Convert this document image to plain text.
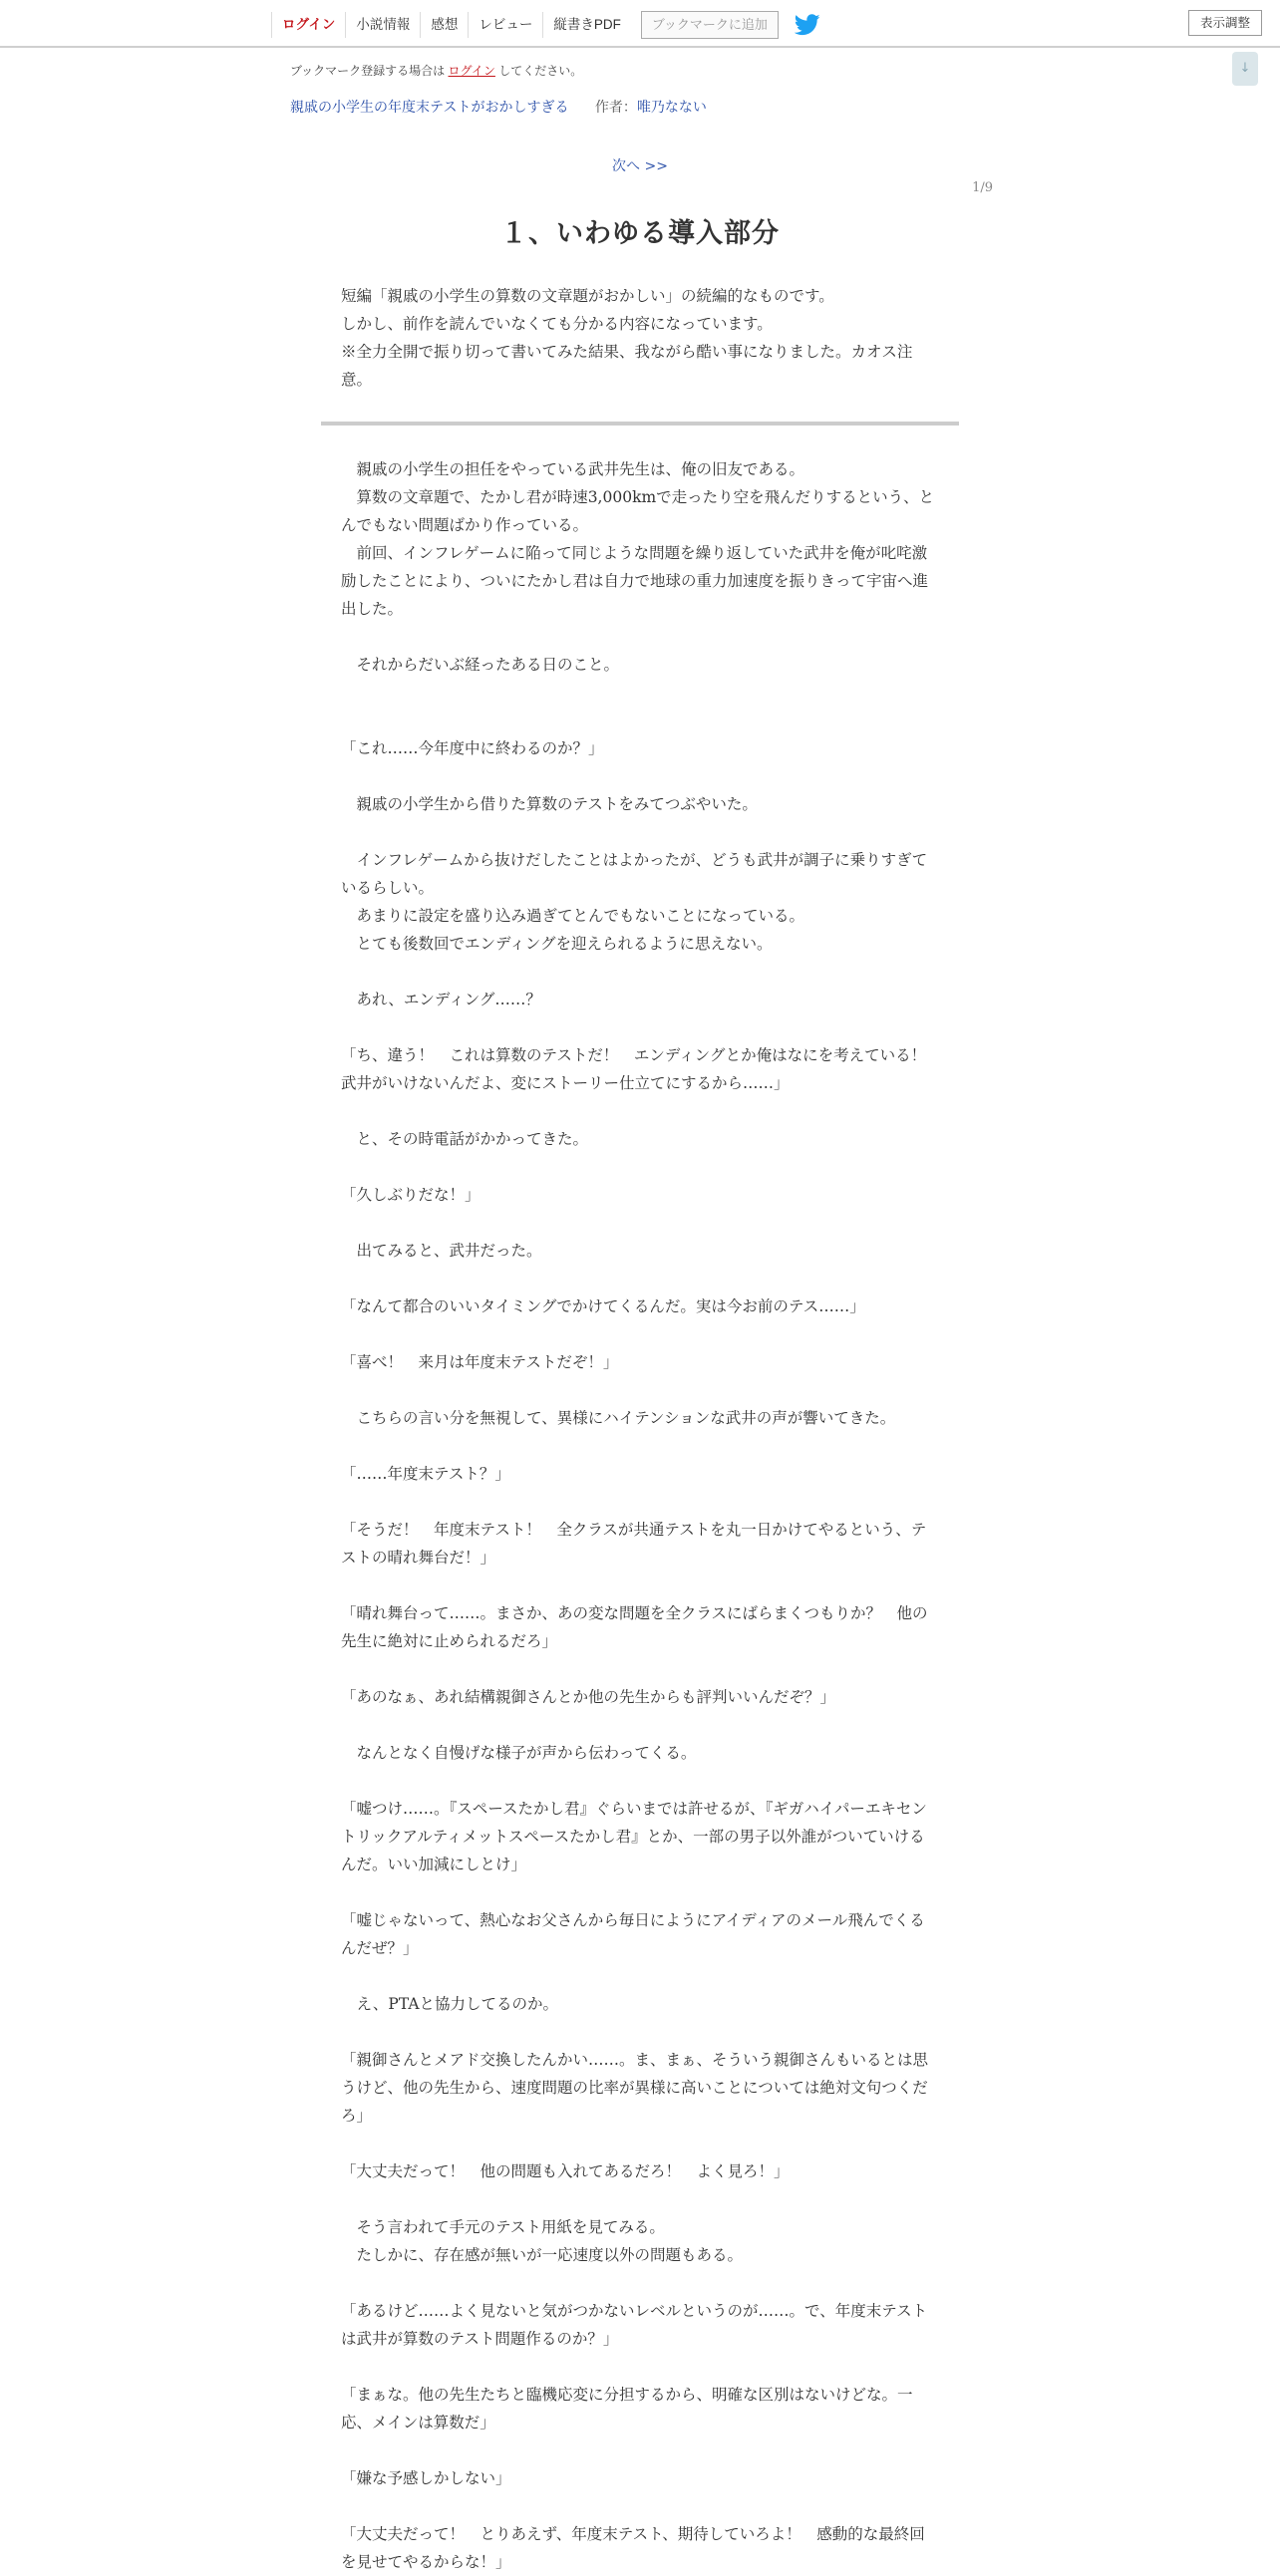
ログイン	小説情報	感想	レビュー	縦書きPDF	ブックマークに追加	表示調整
↓
ブックマーク登録する場合は ログイン してください。
親戚の小学生の年度末テストがおかしすぎる 作者：唯乃なない
次へ >>
1/9
１、いわゆる導入部分

短編「親戚の小学生の算数の文章題がおかしい」の続編的なものです。

しかし、前作を読んでいなくても分かる内容になっています。

※全力全開で振り切って書いてみた結果、我ながら酷い事になりました。カオス注意。

　親戚の小学生の担任をやっている武井先生は、俺の旧友である。

　算数の文章題で、たかし君が時速3,000kmで走ったり空を飛んだりするという、とんでもない問題ばかり作っている。

　前回、インフレゲームに陥って同じような問題を繰り返していた武井を俺が叱咤激励したことにより、ついにたかし君は自力で地球の重力加速度を振りきって宇宙へ進出した。

　それからだいぶ経ったある日のこと。

「これ……今年度中に終わるのか？」

　親戚の小学生から借りた算数のテストをみてつぶやいた。

　インフレゲームから抜けだしたことはよかったが、どうも武井が調子に乗りすぎているらしい。

　あまりに設定を盛り込み過ぎてとんでもないことになっている。

　とても後数回でエンディングを迎えられるように思えない。

　あれ、エンディング……？

「ち、違う！　これは算数のテストだ！　エンディングとか俺はなにを考えている！　武井がいけないんだよ、変にストーリー仕立てにするから……」

　と、その時電話がかかってきた。

「久しぶりだな！」

　出てみると、武井だった。

「なんて都合のいいタイミングでかけてくるんだ。実は今お前のテス……」

「喜べ！　来月は年度末テストだぞ！」

　こちらの言い分を無視して、異様にハイテンションな武井の声が響いてきた。

「……年度末テスト？」

「そうだ！　年度末テスト！　全クラスが共通テストを丸一日かけてやるという、テストの晴れ舞台だ！」

「晴れ舞台って……。まさか、あの変な問題を全クラスにばらまくつもりか？　他の先生に絶対に止められるだろ」

「あのなぁ、あれ結構親御さんとか他の先生からも評判いいんだぞ？」

　なんとなく自慢げな様子が声から伝わってくる。

「嘘つけ……。『スペースたかし君』ぐらいまでは許せるが、『ギガハイパーエキセントリックアルティメットスペースたかし君』とか、一部の男子以外誰がついていけるんだ。いい加減にしとけ」

「嘘じゃないって、熱心なお父さんから毎日にようにアイディアのメール飛んでくるんだぜ？」

　え、PTAと協力してるのか。

「親御さんとメアド交換したんかい……。ま、まぁ、そういう親御さんもいるとは思うけど、他の先生から、速度問題の比率が異様に高いことについては絶対文句つくだろ」

「大丈夫だって！　他の問題も入れてあるだろ！　よく見ろ！」

　そう言われて手元のテスト用紙を見てみる。

　たしかに、存在感が無いが一応速度以外の問題もある。

「あるけど……よく見ないと気がつかないレベルというのが……。で、年度末テストは武井が算数のテスト問題作るのか？」

「まぁな。他の先生たちと臨機応変に分担するから、明確な区別はないけどな。一応、メインは算数だ」

「嫌な予感しかしない」

「大丈夫だって！　とりあえず、年度末テスト、期待していろよ！　感動的な最終回を見せてやるからな！」
